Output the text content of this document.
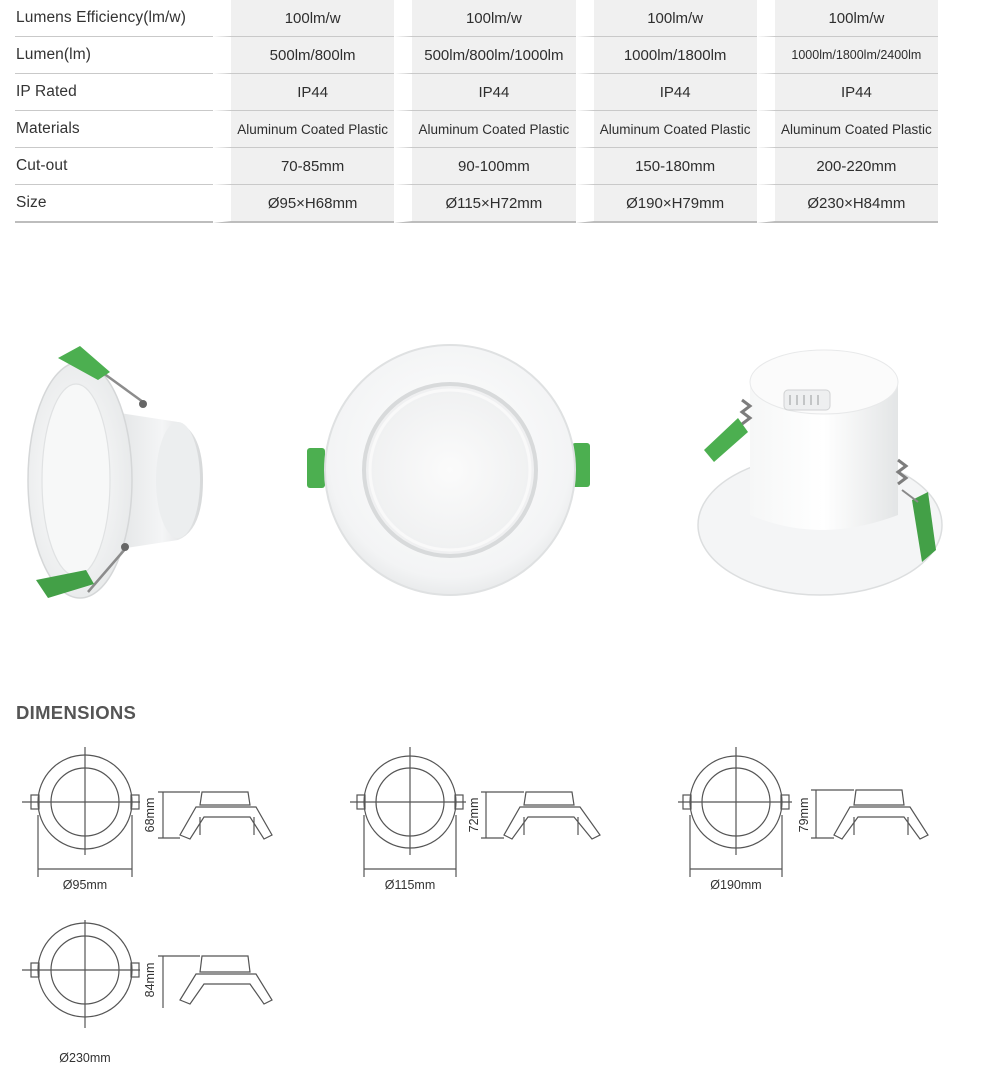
Lumens Efficiency(lm/w)	100lm/w	100lm/w	100lm/w	100lm/w
Lumen(lm)	500lm/800lm	500lm/800lm/1000lm	1000lm/1800lm	1000lm/1800lm/2400lm
IP Rated	IP44	IP44	IP44	IP44
Materials	Aluminum Coated Plastic	Aluminum Coated Plastic	Aluminum Coated Plastic	Aluminum Coated Plastic
Cut-out	70-85mm	90-100mm	150-180mm	200-220mm
Size	Ø95×H68mm	Ø115×H72mm	Ø190×H79mm	Ø230×H84mm
DIMENSIONS
Ø95mm
68mm
Ø115mm
72mm
Ø190mm
79mm
84mm
Ø230mm
